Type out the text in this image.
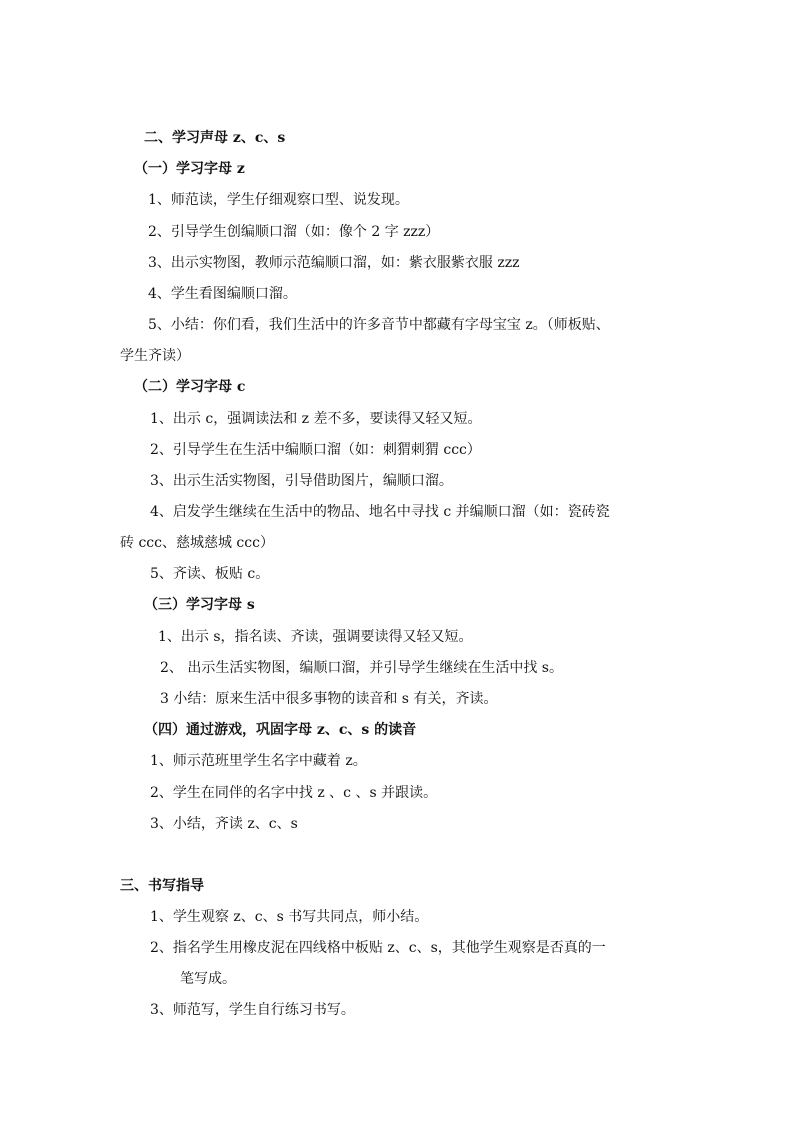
二、学习声母 z、c、s
（一）学习字母 z
1、师范读，学生仔细观察口型、说发现。
2、引导学生创编顺口溜（如：像个 2 字 zzz）
3、出示实物图，教师示范编顺口溜，如：紫衣服紫衣服 zzz
4、学生看图编顺口溜。
5、小结：你们看，我们生活中的许多音节中都藏有字母宝宝 z。（师板贴、
学生齐读）
（二）学习字母 c
1、出示 c，强调读法和 z 差不多，要读得又轻又短。
2、引导学生在生活中编顺口溜（如：刺猬刺猬 ccc）
3、出示生活实物图，引导借助图片，编顺口溜。
4、启发学生继续在生活中的物品、地名中寻找 c 并编顺口溜（如：瓷砖瓷
砖 ccc、慈城慈城 ccc）
5、齐读、板贴 c。
（三）学习字母 s
1、出示 s，指名读、齐读，强调要读得又轻又短。
2、 出示生活实物图，编顺口溜，并引导学生继续在生活中找 s。
3 小结：原来生活中很多事物的读音和 s 有关，齐读。
（四）通过游戏，巩固字母 z、c、s 的读音
1、师示范班里学生名字中藏着 z。
2、学生在同伴的名字中找 z 、c 、s 并跟读。
3、小结，齐读 z、c、s
三、书写指导
1、学生观察 z、c、s 书写共同点，师小结。
2、指名学生用橡皮泥在四线格中板贴 z、c、s，其他学生观察是否真的一
笔写成。
3、师范写，学生自行练习书写。
